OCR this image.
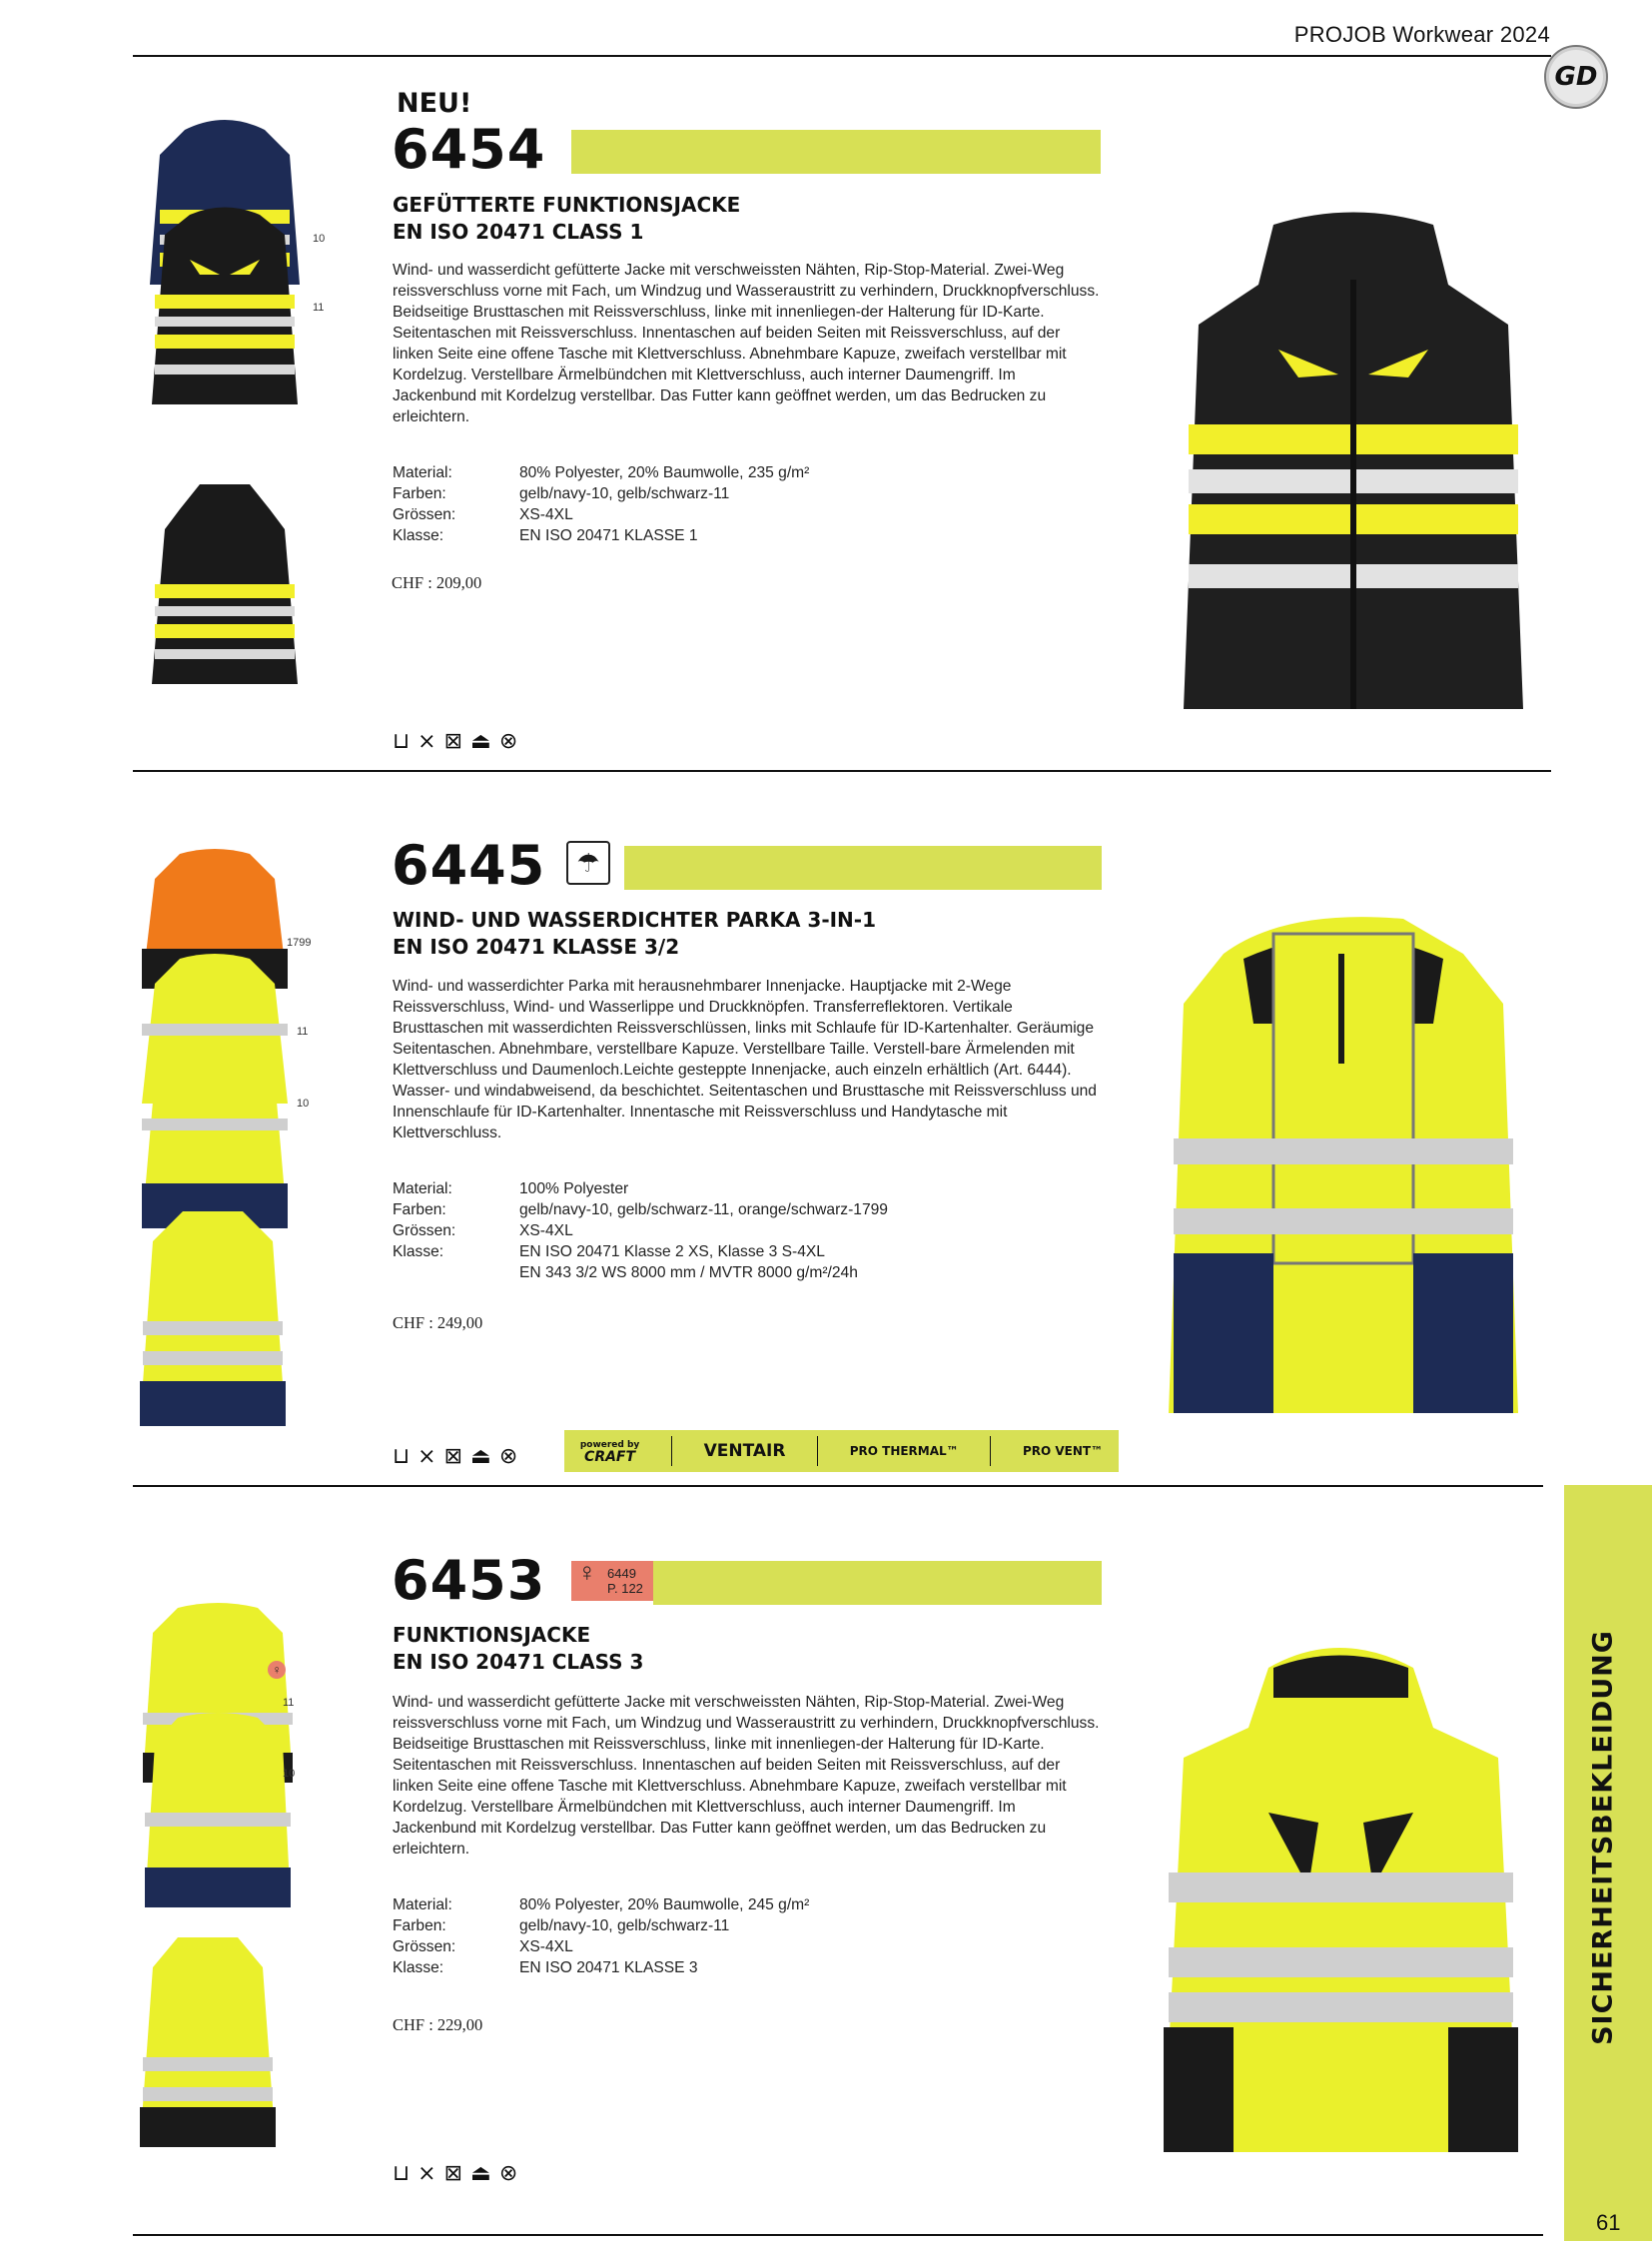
PROJOB Workwear 2024
GD
10
11
NEU!
6454
GEFÜTTERTE FUNKTIONSJACKE
EN ISO 20471 CLASS 1
Wind- und wasserdicht gefütterte Jacke mit verschweissten Nähten, Rip-Stop-Material. Zwei-Weg reissverschluss vorne mit Fach, um Windzug und Wasseraustritt zu verhindern, Druckknopfverschluss. Beidseitige Brusttaschen mit Reissverschluss, linke mit innenliegen-der Halterung für ID-Karte. Seitentaschen mit Reissverschluss. Innentaschen auf beiden Seiten mit Reissverschluss, auf der linken Seite eine offene Tasche mit Klettverschluss. Abnehmbare Kapuze, zweifach verstellbar mit Kordelzug. Verstellbare Ärmelbündchen mit Klettverschluss, auch interner Daumengriff. Im Jackenbund mit Kordelzug verstellbar. Das Futter kann geöffnet werden, um das Bedrucken zu erleichtern.
Material:	80% Polyester, 20% Baumwolle, 235 g/m²
Farben:	gelb/navy-10, gelb/schwarz-11
Grössen:	XS-4XL
Klasse:	EN ISO 20471 KLASSE 1
CHF : 209,00
⊔ ⨯ ⊠ ⏏ ⊗
1799
11
10
6445	☂
WIND- UND WASSERDICHTER PARKA 3-IN-1
EN ISO 20471 KLASSE 3/2
Wind- und wasserdichter Parka mit herausnehmbarer Innenjacke. Hauptjacke mit 2-Wege Reissverschluss, Wind- und Wasserlippe und Druckknöpfen. Transferreflektoren. Vertikale Brusttaschen mit wasserdichten Reissverschlüssen, links mit Schlaufe für ID-Kartenhalter. Geräumige Seitentaschen. Abnehmbare, verstellbare Kapuze. Verstellbare Taille. Verstell-bare Ärmelenden mit Klettverschluss und Daumenloch.Leichte gesteppte Innenjacke, auch einzeln erhältlich (Art. 6444). Wasser- und windabweisend, da beschichtet. Seitentaschen und Brusttasche mit Reissverschluss und Innenschlaufe für ID-Kartenhalter. Innentasche mit Reissverschluss und Handytasche mit Klettverschluss.
Material:	100% Polyester
Farben:	gelb/navy-10, gelb/schwarz-11, orange/schwarz-1799
Grössen:	XS-4XL
Klasse:	EN ISO 20471 Klasse 2 XS, Klasse 3 S-4XL
EN 343 3/2 WS 8000 mm / MVTR 8000 g/m²/24h
CHF : 249,00
⊔ ⨯ ⊠ ⏏ ⊗	powered by
CRAFT	VENTAIR	PRO THERMAL™	PRO VENT™
♀
11
10
6453 ♀ 6449
P. 122
FUNKTIONSJACKE
EN ISO 20471 CLASS 3
Wind- und wasserdicht gefütterte Jacke mit verschweissten Nähten, Rip-Stop-Material. Zwei-Weg reissverschluss vorne mit Fach, um Windzug und Wasseraustritt zu verhindern, Druckknopfverschluss. Beidseitige Brusttaschen mit Reissverschluss, linke mit innenliegen-der Halterung für ID-Karte. Seitentaschen mit Reissverschluss. Innentaschen auf beiden Seiten mit Reissverschluss, auf der linken Seite eine offene Tasche mit Klettverschluss. Abnehmbare Kapuze, zweifach verstellbar mit Kordelzug. Verstellbare Ärmelbündchen mit Klettverschluss, auch interner Daumengriff. Im Jackenbund mit Kordelzug verstellbar. Das Futter kann geöffnet werden, um das Bedrucken zu erleichtern.
Material:	80% Polyester, 20% Baumwolle, 245 g/m²
Farben:	gelb/navy-10, gelb/schwarz-11
Grössen:	XS-4XL
Klasse:	EN ISO 20471 KLASSE 3
CHF : 229,00
⊔ ⨯ ⊠ ⏏ ⊗
SICHERHEITSBEKLEIDUNG
61
